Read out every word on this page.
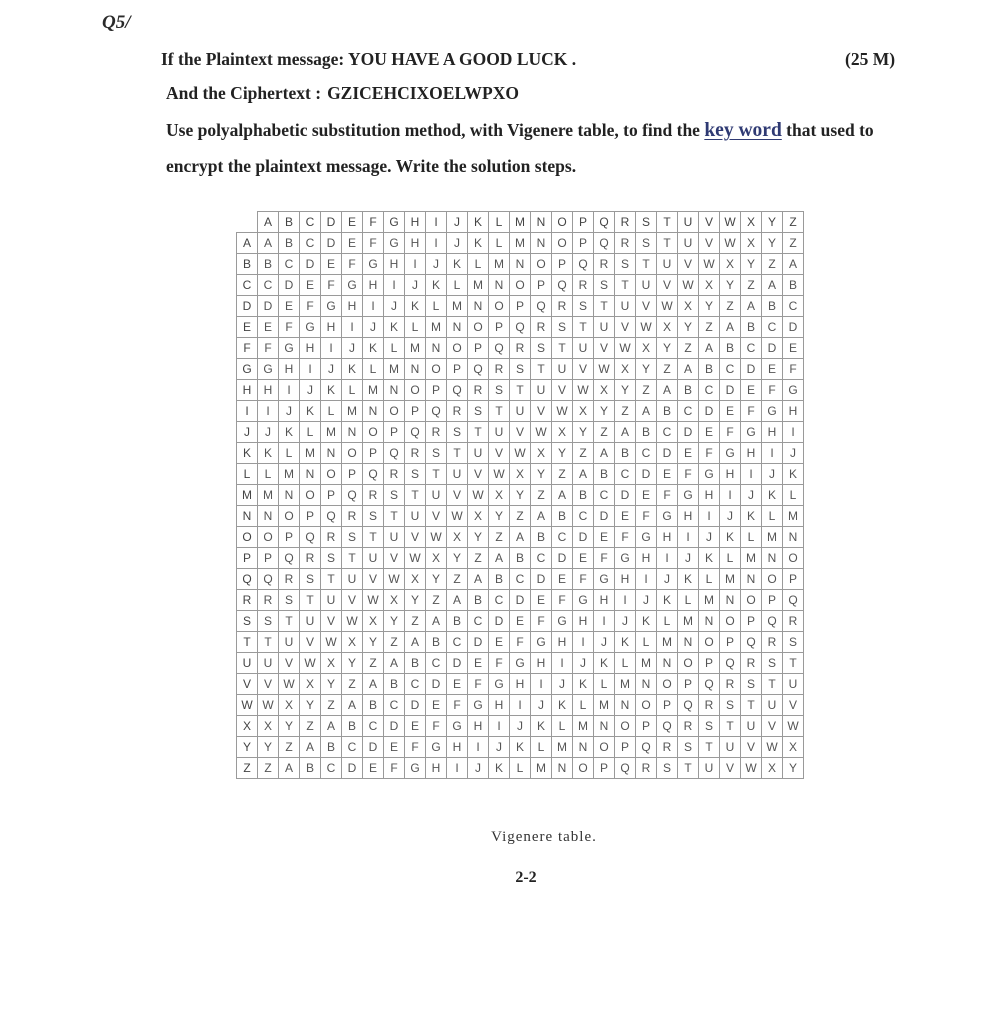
Q5/
If the Plaintext message: YOU HAVE A GOOD LUCK .	(25 M)
And the Ciphertext : GZICEHCIXOELWPXO
Use polyalphabetic substitution method, with Vigenere table, to find the key word that used to
encrypt the plaintext message. Write the solution steps.
	A	B	C	D	E	F	G	H	I	J	K	L	M	N	O	P	Q	R	S	T	U	V	W	X	Y	Z
A	A	B	C	D	E	F	G	H	I	J	K	L	M	N	O	P	Q	R	S	T	U	V	W	X	Y	Z
B	B	C	D	E	F	G	H	I	J	K	L	M	N	O	P	Q	R	S	T	U	V	W	X	Y	Z	A
C	C	D	E	F	G	H	I	J	K	L	M	N	O	P	Q	R	S	T	U	V	W	X	Y	Z	A	B
D	D	E	F	G	H	I	J	K	L	M	N	O	P	Q	R	S	T	U	V	W	X	Y	Z	A	B	C
E	E	F	G	H	I	J	K	L	M	N	O	P	Q	R	S	T	U	V	W	X	Y	Z	A	B	C	D
F	F	G	H	I	J	K	L	M	N	O	P	Q	R	S	T	U	V	W	X	Y	Z	A	B	C	D	E
G	G	H	I	J	K	L	M	N	O	P	Q	R	S	T	U	V	W	X	Y	Z	A	B	C	D	E	F
H	H	I	J	K	L	M	N	O	P	Q	R	S	T	U	V	W	X	Y	Z	A	B	C	D	E	F	G
I	I	J	K	L	M	N	O	P	Q	R	S	T	U	V	W	X	Y	Z	A	B	C	D	E	F	G	H
J	J	K	L	M	N	O	P	Q	R	S	T	U	V	W	X	Y	Z	A	B	C	D	E	F	G	H	I
K	K	L	M	N	O	P	Q	R	S	T	U	V	W	X	Y	Z	A	B	C	D	E	F	G	H	I	J
L	L	M	N	O	P	Q	R	S	T	U	V	W	X	Y	Z	A	B	C	D	E	F	G	H	I	J	K
M	M	N	O	P	Q	R	S	T	U	V	W	X	Y	Z	A	B	C	D	E	F	G	H	I	J	K	L
N	N	O	P	Q	R	S	T	U	V	W	X	Y	Z	A	B	C	D	E	F	G	H	I	J	K	L	M
O	O	P	Q	R	S	T	U	V	W	X	Y	Z	A	B	C	D	E	F	G	H	I	J	K	L	M	N
P	P	Q	R	S	T	U	V	W	X	Y	Z	A	B	C	D	E	F	G	H	I	J	K	L	M	N	O
Q	Q	R	S	T	U	V	W	X	Y	Z	A	B	C	D	E	F	G	H	I	J	K	L	M	N	O	P
R	R	S	T	U	V	W	X	Y	Z	A	B	C	D	E	F	G	H	I	J	K	L	M	N	O	P	Q
S	S	T	U	V	W	X	Y	Z	A	B	C	D	E	F	G	H	I	J	K	L	M	N	O	P	Q	R
T	T	U	V	W	X	Y	Z	A	B	C	D	E	F	G	H	I	J	K	L	M	N	O	P	Q	R	S
U	U	V	W	X	Y	Z	A	B	C	D	E	F	G	H	I	J	K	L	M	N	O	P	Q	R	S	T
V	V	W	X	Y	Z	A	B	C	D	E	F	G	H	I	J	K	L	M	N	O	P	Q	R	S	T	U
W	W	X	Y	Z	A	B	C	D	E	F	G	H	I	J	K	L	M	N	O	P	Q	R	S	T	U	V
X	X	Y	Z	A	B	C	D	E	F	G	H	I	J	K	L	M	N	O	P	Q	R	S	T	U	V	W
Y	Y	Z	A	B	C	D	E	F	G	H	I	J	K	L	M	N	O	P	Q	R	S	T	U	V	W	X
Z	Z	A	B	C	D	E	F	G	H	I	J	K	L	M	N	O	P	Q	R	S	T	U	V	W	X	Y
Vigenere table.
2-2
